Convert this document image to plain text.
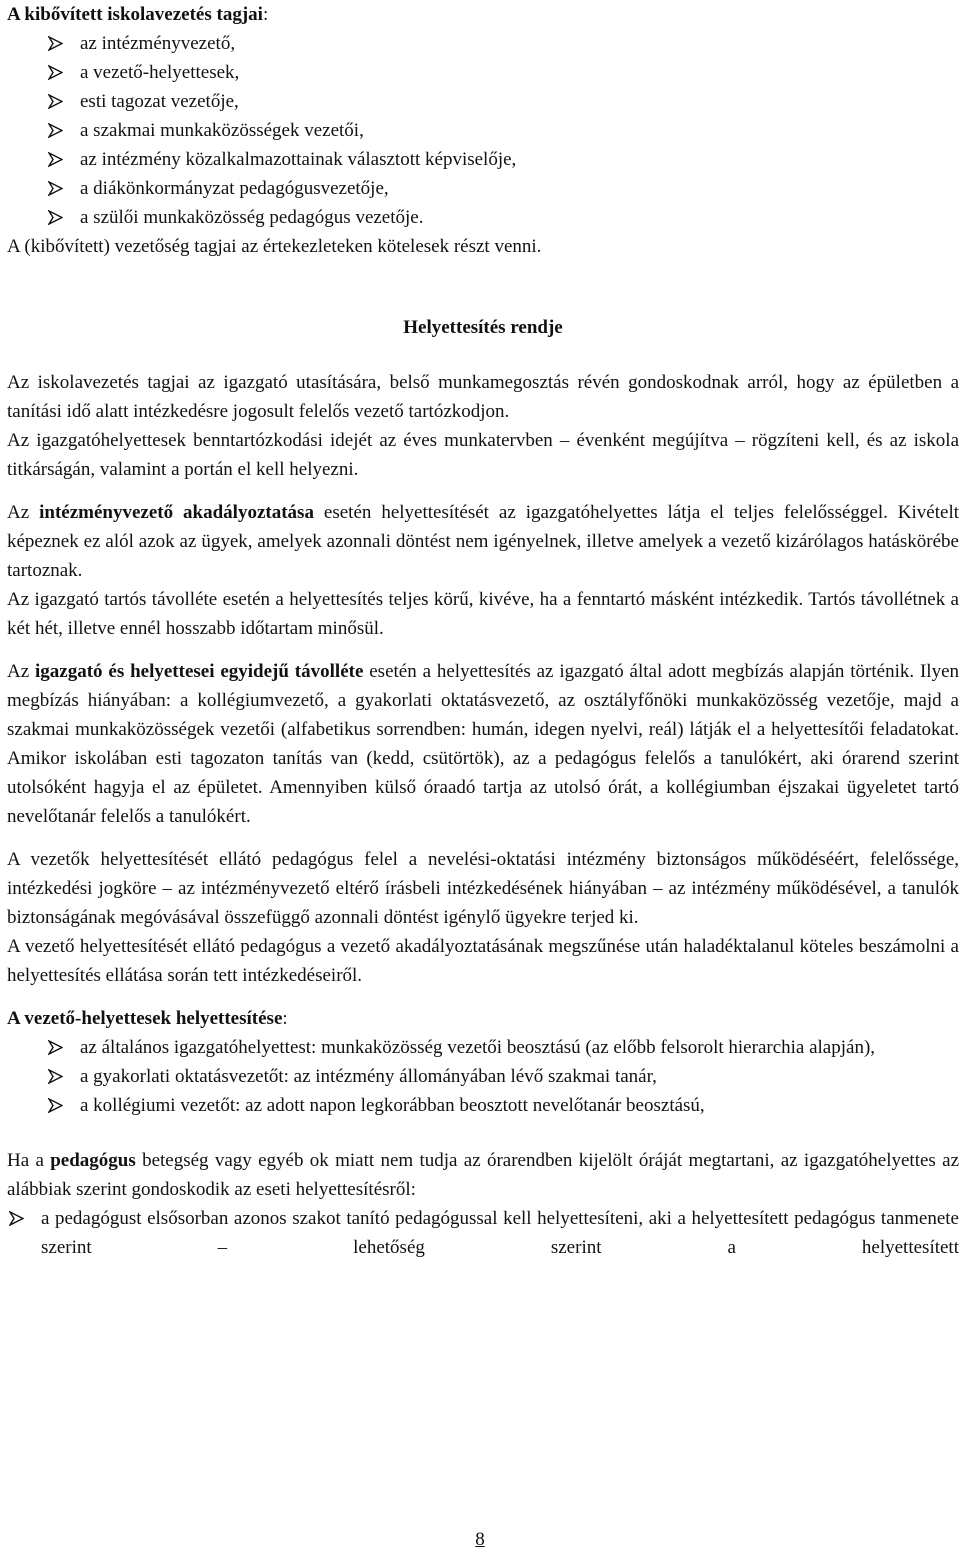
A kibővített iskolavezetés tagjai:

az intézményvezető,
a vezető-helyettesek,
esti tagozat vezetője,
a szakmai munkaközösségek vezetői,
az intézmény közalkalmazottainak választott képviselője,
a diákönkormányzat pedagógusvezetője,
a szülői munkaközösség pedagógus vezetője.

A (kibővített) vezetőség tagjai az értekezleteken kötelesek részt venni.

Helyettesítés rendje

Az iskolavezetés tagjai az igazgató utasítására, belső munkamegosztás révén gondoskodnak arról, hogy az épületben a tanítási idő alatt intézkedésre jogosult felelős vezető tartózkodjon.

Az igazgatóhelyettesek benntartózkodási idejét az éves munkatervben – évenként megújítva – rögzíteni kell, és az iskola titkárságán, valamint a portán el kell helyezni.

Az intézményvezető akadályoztatása esetén helyettesítését az igazgatóhelyettes látja el teljes felelősséggel. Kivételt képeznek ez alól azok az ügyek, amelyek azonnali döntést nem igényelnek, illetve amelyek a vezető kizárólagos hatáskörébe tartoznak.

Az igazgató tartós távolléte esetén a helyettesítés teljes körű, kivéve, ha a fenntartó másként intézkedik. Tartós távollétnek a két hét, illetve ennél hosszabb időtartam minősül.

Az igazgató és helyettesei egyidejű távolléte esetén a helyettesítés az igazgató által adott megbízás alapján történik. Ilyen megbízás hiányában: a kollégiumvezető, a gyakorlati oktatásvezető, az osztályfőnöki munkaközösség vezetője, majd a szakmai munkaközösségek vezetői (alfabetikus sorrendben: humán, idegen nyelvi, reál) látják el a helyettesítői feladatokat. Amikor iskolában esti tagozaton tanítás van (kedd, csütörtök), az a pedagógus felelős a tanulókért, aki órarend szerint utolsóként hagyja el az épületet. Amennyiben külső óraadó tartja az utolsó órát, a kollégiumban éjszakai ügyeletet tartó nevelőtanár felelős a tanulókért.

A vezetők helyettesítését ellátó pedagógus felel a nevelési-oktatási intézmény biztonságos működéséért, felelőssége, intézkedési jogköre – az intézményvezető eltérő írásbeli intézkedésének hiányában – az intézmény működésével, a tanulók biztonságának megóvásával összefüggő azonnali döntést igénylő ügyekre terjed ki.

A vezető helyettesítését ellátó pedagógus a vezető akadályoztatásának megszűnése után haladéktalanul köteles beszámolni a helyettesítés ellátása során tett intézkedéseiről.

A vezető-helyettesek helyettesítése:

az általános igazgatóhelyettest: munkaközösség vezetői beosztású (az előbb felsorolt hierarchia alapján),
a gyakorlati oktatásvezetőt: az intézmény állományában lévő szakmai tanár,
a kollégiumi vezetőt: az adott napon legkorábban beosztott nevelőtanár beosztású,

Ha a pedagógus betegség vagy egyéb ok miatt nem tudja az órarendben kijelölt óráját megtartani, az igazgatóhelyettes az alábbiak szerint gondoskodik az eseti helyettesítésről:

a pedagógust elsősorban azonos szakot tanító pedagógussal kell helyettesíteni, aki a helyettesített pedagógus tanmenete szerint – lehetőség szerint a helyettesített
8
